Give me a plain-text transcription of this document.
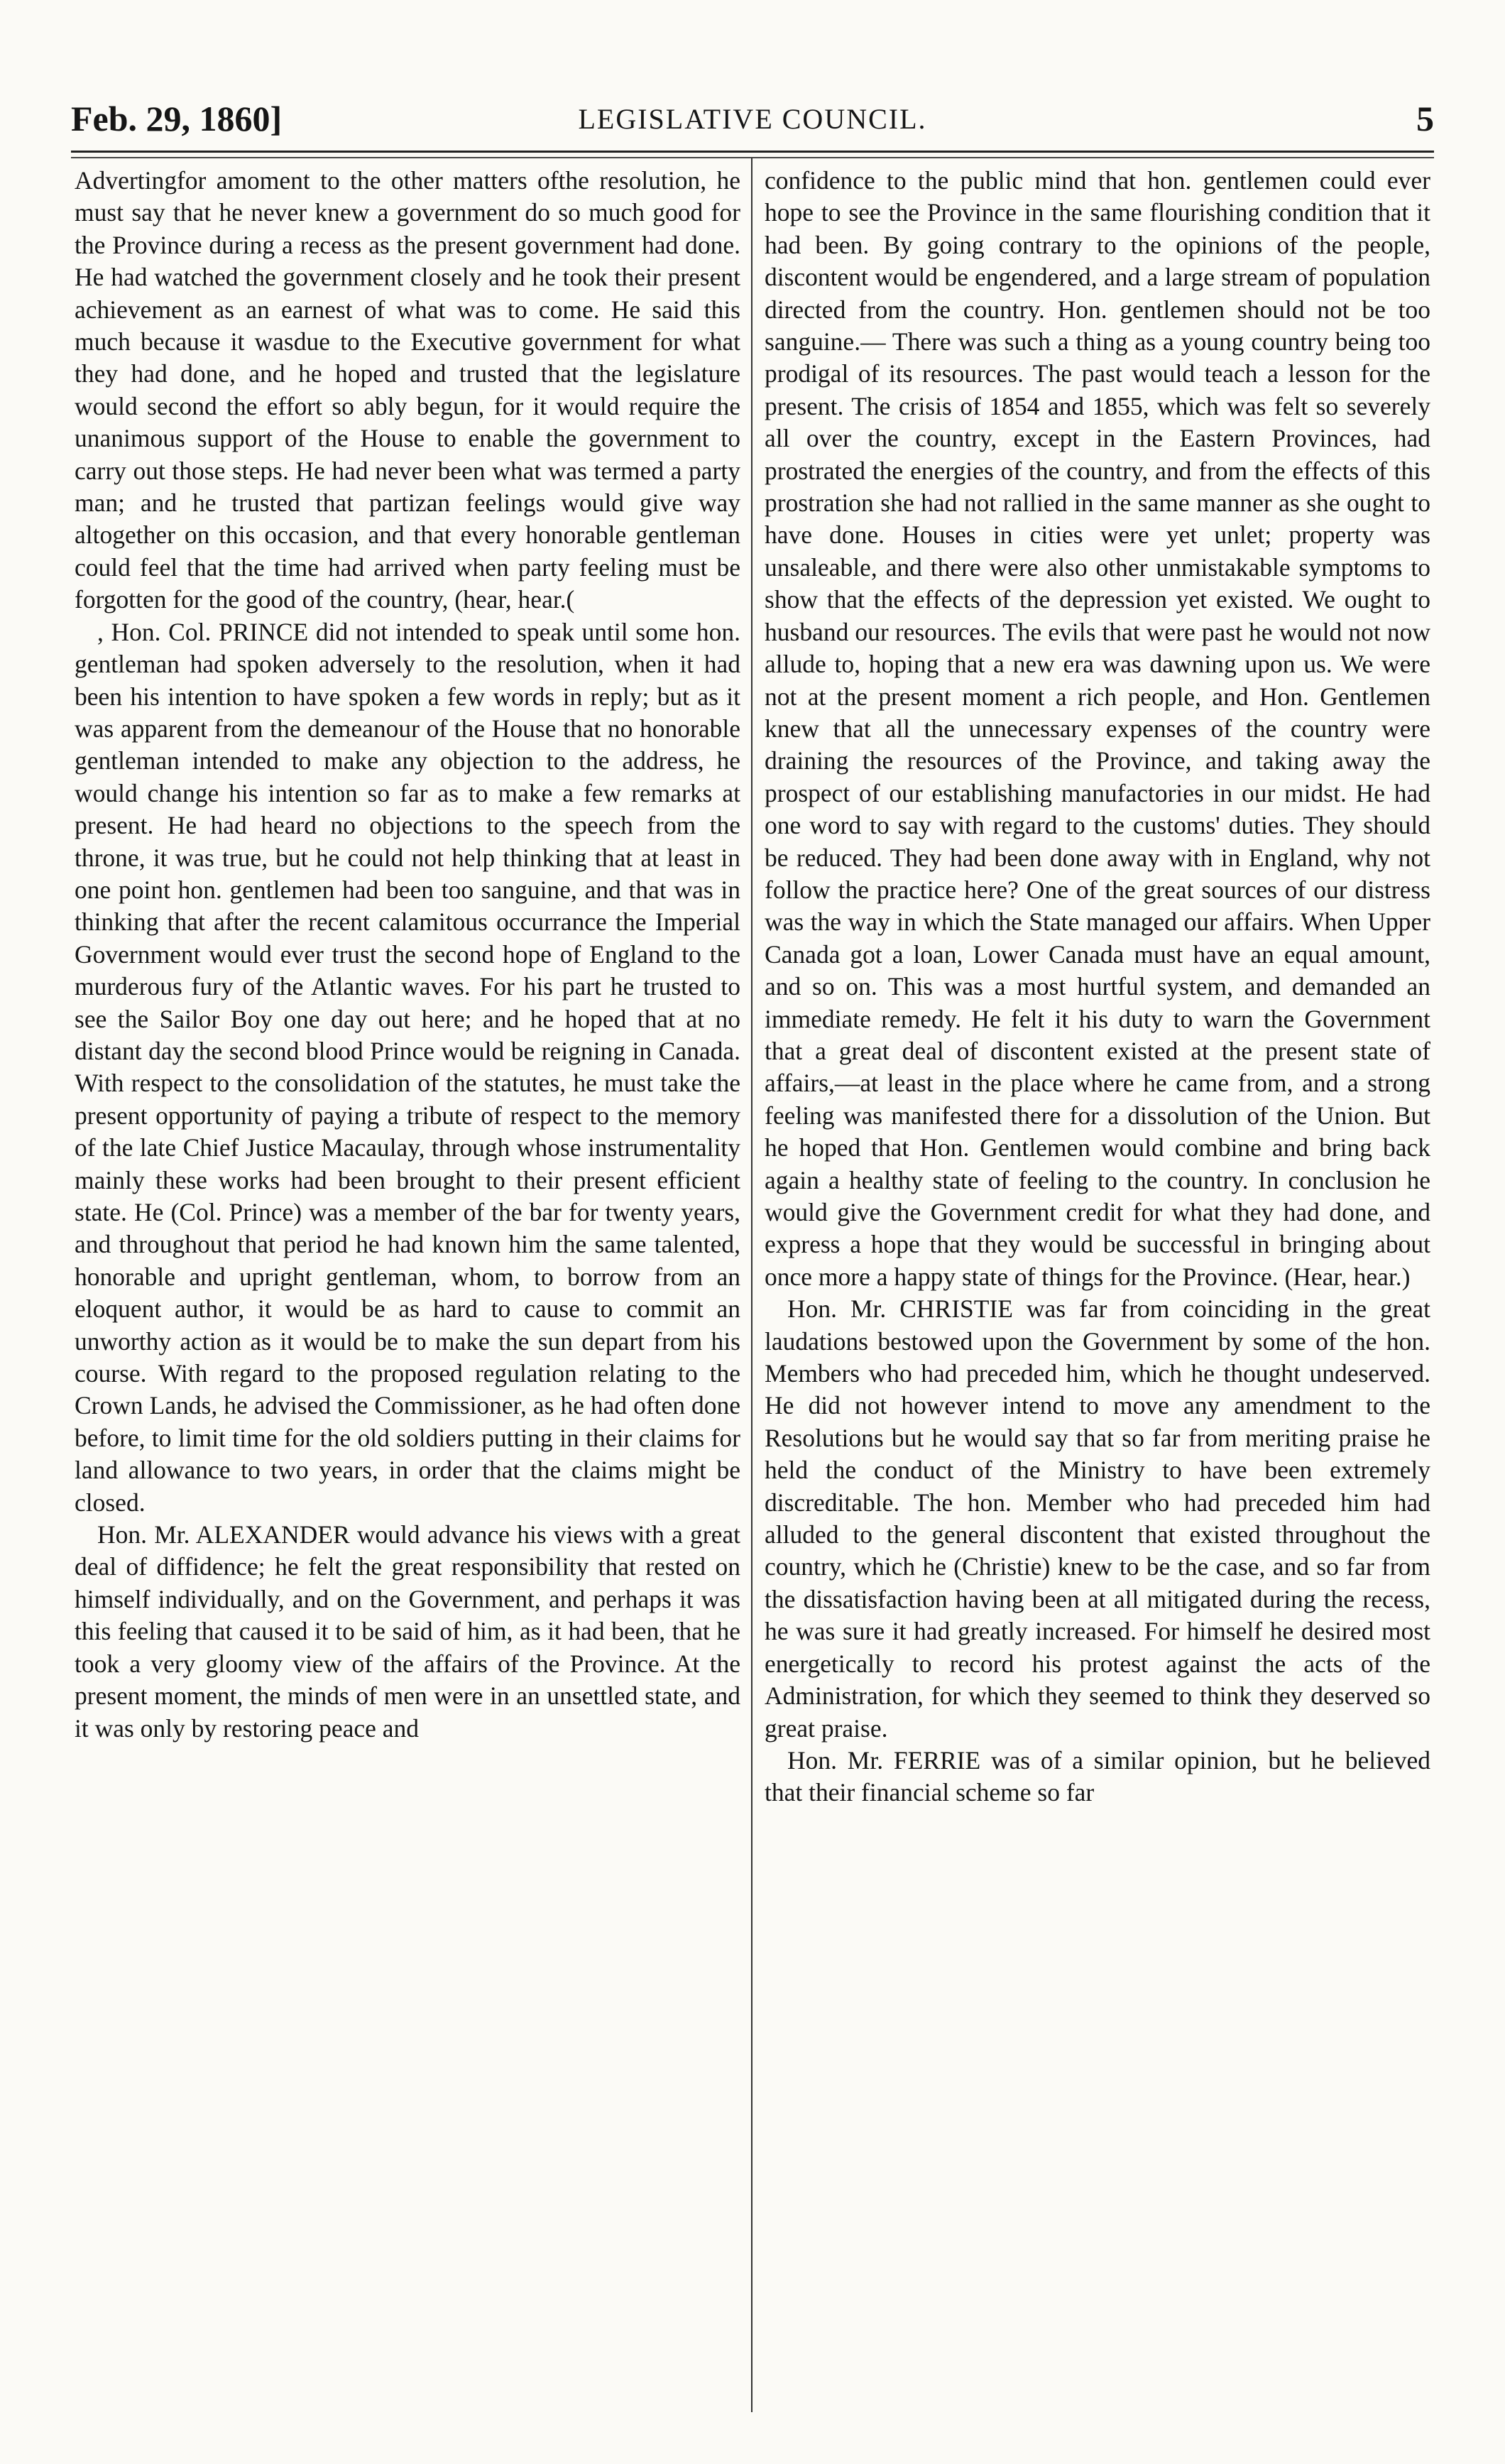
Feb. 29, 1860]	LEGISLATIVE COUNCIL.	5

Advertingfor amoment to the other matters ofthe resolution, he must say that he never knew a government do so much good for the Province during a recess as the present government had done. He had watched the government closely and he took their present achievement as an earnest of what was to come. He said this much because it wasdue to the Executive government for what they had done, and he hoped and trusted that the legislature would second the effort so ably begun, for it would require the unanimous support of the House to enable the government to carry out those steps. He had never been what was termed a party man; and he trusted that partizan feelings would give way altogether on this occasion, and that every honorable gentleman could feel that the time had arrived when party feeling must be forgotten for the good of the country, (hear, hear.(

, Hon. Col. PRINCE did not intended to speak until some hon. gentleman had spoken adversely to the resolution, when it had been his intention to have spoken a few words in reply; but as it was apparent from the demeanour of the House that no honorable gentleman intended to make any objection to the address, he would change his intention so far as to make a few remarks at present. He had heard no objections to the speech from the throne, it was true, but he could not help thinking that at least in one point hon. gentlemen had been too sanguine, and that was in thinking that after the recent calamitous occurrance the Imperial Government would ever trust the second hope of England to the murderous fury of the Atlantic waves. For his part he trusted to see the Sailor Boy one day out here; and he hoped that at no distant day the second blood Prince would be reigning in Canada. With respect to the consolidation of the statutes, he must take the present opportunity of paying a tribute of respect to the memory of the late Chief Justice Macaulay, through whose instrumentality mainly these works had been brought to their present efficient state. He (Col. Prince) was a member of the bar for twenty years, and throughout that period he had known him the same talented, honorable and upright gentleman, whom, to borrow from an eloquent author, it would be as hard to cause to commit an unworthy action as it would be to make the sun depart from his course. With regard to the proposed regulation relating to the Crown Lands, he advised the Commissioner, as he had often done before, to limit time for the old soldiers putting in their claims for land allowance to two years, in order that the claims might be closed.

Hon. Mr. ALEXANDER would advance his views with a great deal of diffidence; he felt the great responsibility that rested on himself individually, and on the Government, and perhaps it was this feeling that caused it to be said of him, as it had been, that he took a very gloomy view of the affairs of the Province. At the present moment, the minds of men were in an unsettled state, and it was only by restoring peace and

confidence to the public mind that hon. gentlemen could ever hope to see the Province in the same flourishing condition that it had been. By going contrary to the opinions of the people, discontent would be engendered, and a large stream of population directed from the country. Hon. gentlemen should not be too sanguine.— There was such a thing as a young country being too prodigal of its resources. The past would teach a lesson for the present. The crisis of 1854 and 1855, which was felt so severely all over the country, except in the Eastern Provinces, had prostrated the energies of the country, and from the effects of this prostration she had not rallied in the same manner as she ought to have done. Houses in cities were yet unlet; property was unsaleable, and there were also other unmistakable symptoms to show that the effects of the depression yet existed. We ought to husband our resources. The evils that were past he would not now allude to, hoping that a new era was dawning upon us. We were not at the present moment a rich people, and Hon. Gentlemen knew that all the unnecessary expenses of the country were draining the resources of the Province, and taking away the prospect of our establishing manufactories in our midst. He had one word to say with regard to the customs' duties. They should be reduced. They had been done away with in England, why not follow the practice here? One of the great sources of our distress was the way in which the State managed our affairs. When Upper Canada got a loan, Lower Canada must have an equal amount, and so on. This was a most hurtful system, and demanded an immediate remedy. He felt it his duty to warn the Government that a great deal of discontent existed at the present state of affairs,—at least in the place where he came from, and a strong feeling was manifested there for a dissolution of the Union. But he hoped that Hon. Gentlemen would combine and bring back again a healthy state of feeling to the country. In conclusion he would give the Government credit for what they had done, and express a hope that they would be successful in bringing about once more a happy state of things for the Province. (Hear, hear.)

Hon. Mr. CHRISTIE was far from coinciding in the great laudations bestowed upon the Government by some of the hon. Members who had preceded him, which he thought undeserved. He did not however intend to move any amendment to the Resolutions but he would say that so far from meriting praise he held the conduct of the Ministry to have been extremely discreditable. The hon. Member who had preceded him had alluded to the general discontent that existed throughout the country, which he (Christie) knew to be the case, and so far from the dissatisfaction having been at all mitigated during the recess, he was sure it had greatly increased. For himself he desired most energetically to record his protest against the acts of the Administration, for which they seemed to think they deserved so great praise.

Hon. Mr. FERRIE was of a similar opinion, but he believed that their financial scheme so far
